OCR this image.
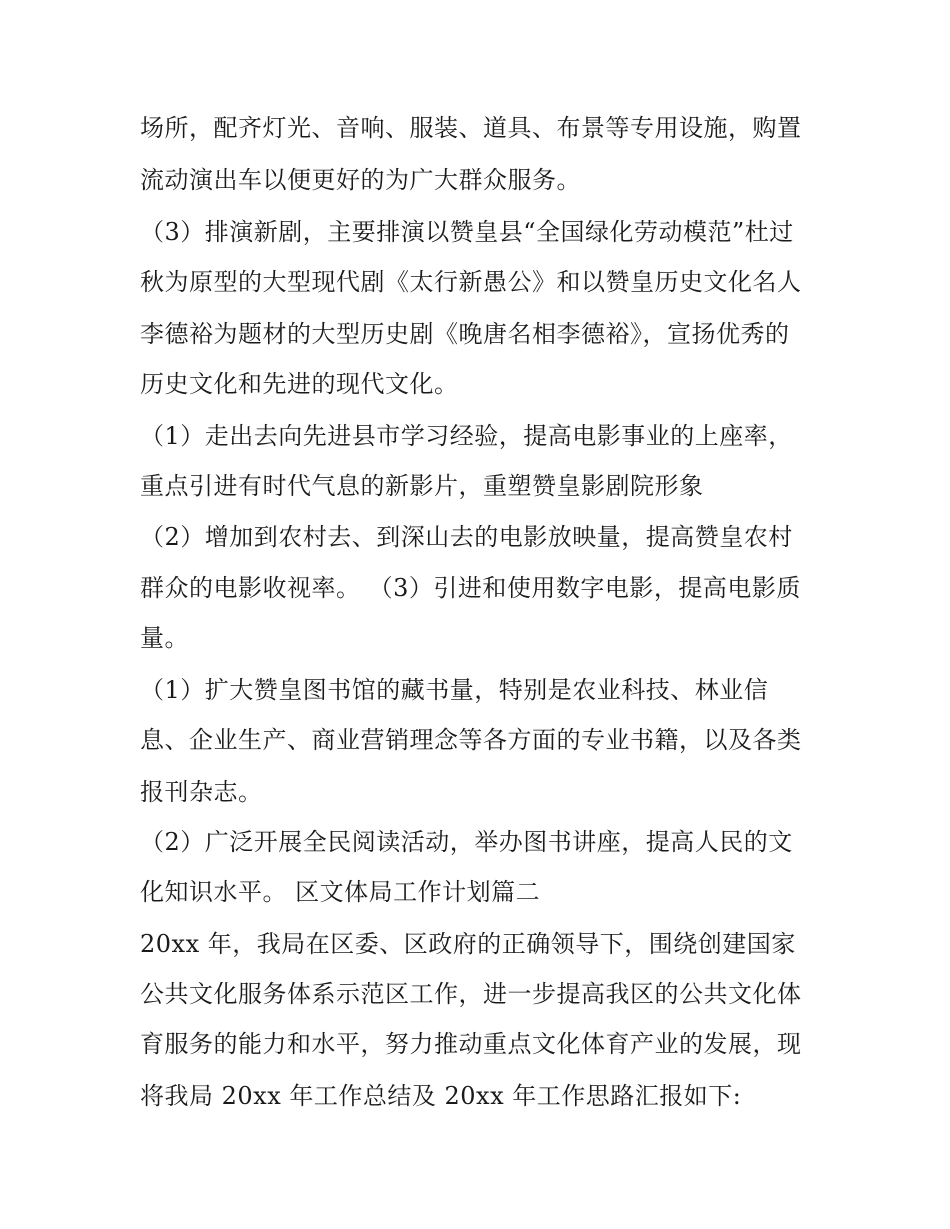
场所，配齐灯光、音响、服装、道具、布景等专用设施，购置
流动演出车以便更好的为广大群众服务。
（3）排演新剧，主要排演以赞皇县“全国绿化劳动模范”杜过
秋为原型的大型现代剧《太行新愚公》和以赞皇历史文化名人
李德裕为题材的大型历史剧《晚唐名相李德裕》，宣扬优秀的
历史文化和先进的现代文化。
（1）走出去向先进县市学习经验，提高电影事业的上座率，
重点引进有时代气息的新影片，重塑赞皇影剧院形象
（2）增加到农村去、到深山去的电影放映量，提高赞皇农村
群众的电影收视率。 （3）引进和使用数字电影，提高电影质
量。
（1）扩大赞皇图书馆的藏书量，特别是农业科技、林业信
息、企业生产、商业营销理念等各方面的专业书籍，以及各类
报刊杂志。
（2）广泛开展全民阅读活动，举办图书讲座，提高人民的文
化知识水平。 区文体局工作计划篇二
20xx 年，我局在区委、区政府的正确领导下，围绕创建国家
公共文化服务体系示范区工作，进一步提高我区的公共文化体
育服务的能力和水平，努力推动重点文化体育产业的发展，现
将我局 20xx 年工作总结及 20xx 年工作思路汇报如下:
